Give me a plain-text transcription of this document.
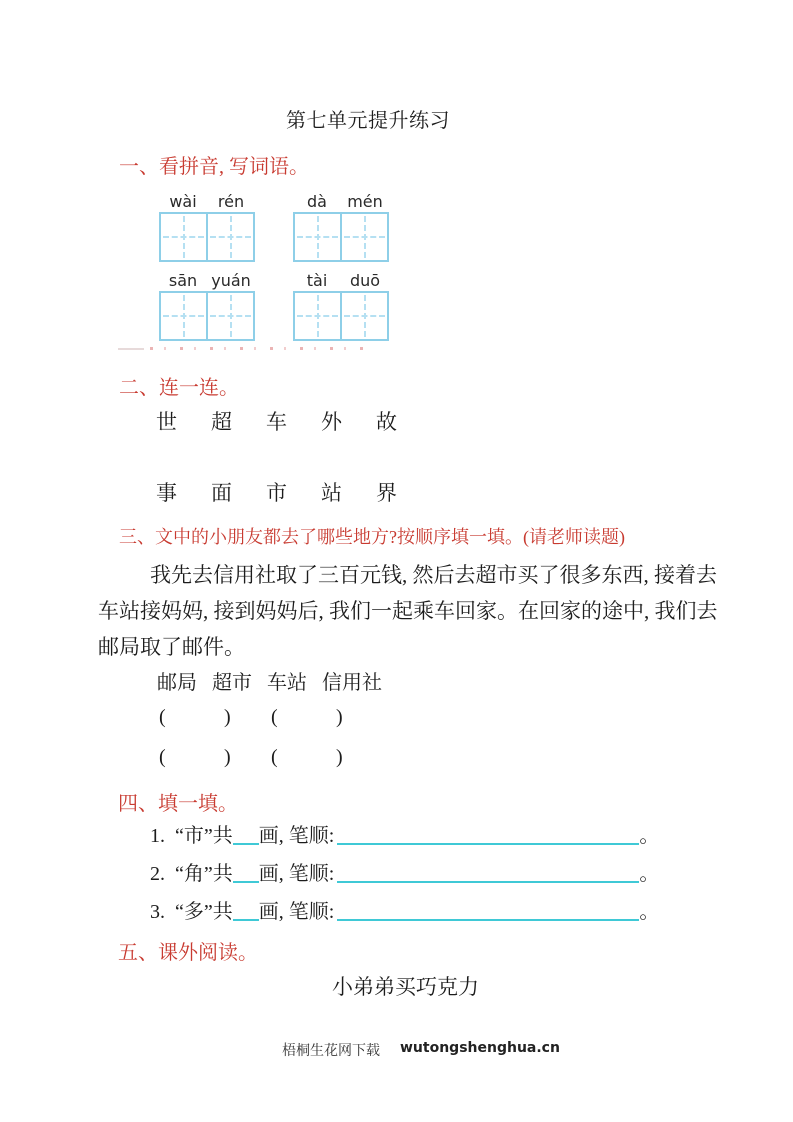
第七单元提升练习
一、看拼音, 写词语。
wài	rén	dà	mén
sān yuán	tài	duō
二、连一连。
世 超 车 外 故
事 面 市 站 界
三、文中的小朋友都去了哪些地方?按顺序填一填。(请老师读题)
我先去信用社取了三百元钱, 然后去超市买了很多东西, 接着去
车站接妈妈, 接到妈妈后, 我们一起乘车回家。在回家的途中, 我们去
邮局取了邮件。
邮局 超市 车站 信用社
(	) (	)
(	) (	)
四、填一填。
1. “市”共 画, 笔顺:	。
2. “角”共 画, 笔顺:	。
3. “多”共 画, 笔顺:	。
五、课外阅读。
小弟弟买巧克力
梧桐生花网下载 wutongshenghua.cn
